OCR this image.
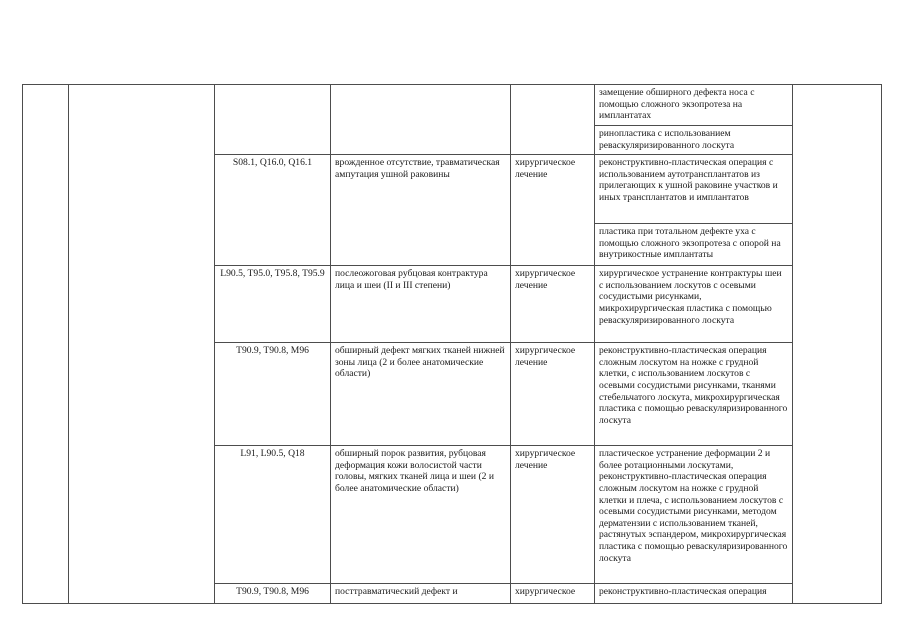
					замещение обширного дефекта носа с помощью сложного экзопротеза на имплантатах	
					ринопластика с использованием реваскуляризированного лоскута	
		S08.1, Q16.0, Q16.1	врожденное отсутствие, травматическая ампутация ушной раковины	хирургическое лечение	реконструктивно-пластическая операция с использованием аутотрансплантатов из прилегающих к ушной раковине участков и иных трансплантатов и имплантатов	
					пластика при тотальном дефекте уха с помощью сложного экзопротеза с опорой на внутрикостные имплантаты	
		L90.5, T95.0, T95.8, T95.9	послеожоговая рубцовая контрактура лица и шеи (II и III степени)	хирургическое лечение	хирургическое устранение контрактуры шеи с использованием лоскутов с осевыми сосудистыми рисунками, микрохирургическая пластика с помощью реваскуляризированного лоскута	
		T90.9, T90.8, M96	обширный дефект мягких тканей нижней зоны лица (2 и более анатомические области)	хирургическое лечение	реконструктивно-пластическая операция сложным лоскутом на ножке с грудной клетки, с использованием лоскутов с осевыми сосудистыми рисунками, тканями стебельчатого лоскута, микрохирургическая пластика с помощью реваскуляризированного лоскута	
		L91, L90.5, Q18	обширный порок развития, рубцовая деформация кожи волосистой части головы, мягких тканей лица и шеи (2 и более анатомические области)	хирургическое лечение	пластическое устранение деформации 2 и более ротационными лоскутами, реконструктивно-пластическая операция сложным лоскутом на ножке с грудной клетки и плеча, с использованием лоскутов с осевыми сосудистыми рисунками, методом дерматензии с использованием тканей, растянутых эспандером, микрохирургическая пластика с помощью реваскуляризированного лоскута	
		T90.9, T90.8, M96	посттравматический дефект и	хирургическое	реконструктивно-пластическая операция	
